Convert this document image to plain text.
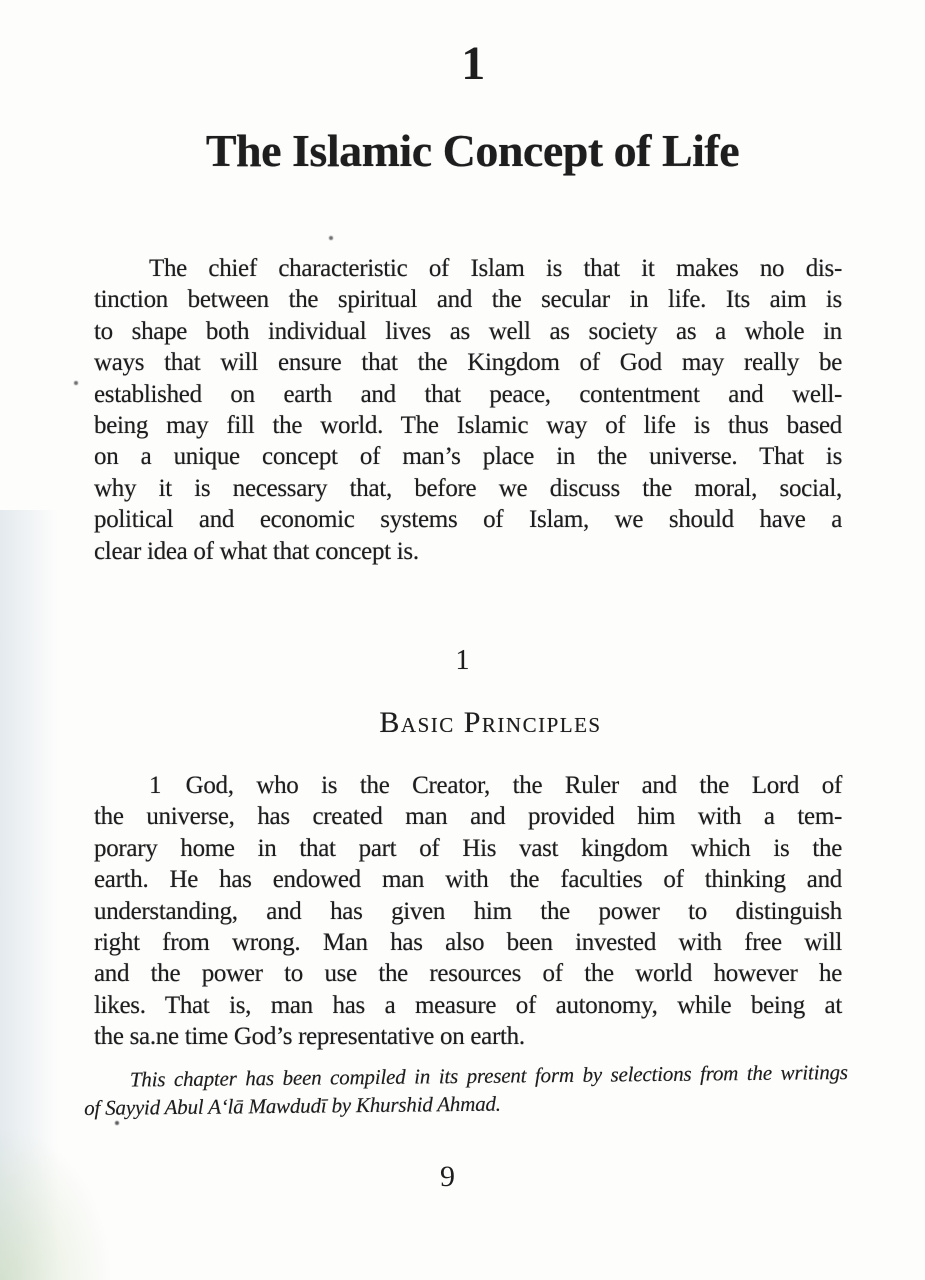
1
The Islamic Concept of Life
The chief characteristic of Islam is that it makes no dis-
tinction between the spiritual and the secular in life. Its aim is
to shape both individual lives as well as society as a whole in
ways that will ensure that the Kingdom of God may really be
established on earth and that peace, contentment and well-
being may fill the world. The Islamic way of life is thus based
on a unique concept of man’s place in the universe. That is
why it is necessary that, before we discuss the moral, social,
political and economic systems of Islam, we should have a
clear idea of what that concept is.
1
Basic Principles
1  God, who is the Creator, the Ruler and the Lord of
the universe, has created man and provided him with a tem-
porary home in that part of His vast kingdom which is the
earth. He has endowed man with the faculties of thinking and
understanding, and has given him the power to distinguish
right from wrong. Man has also been invested with free will
and the power to use the resources of the world however he
likes. That is, man has a measure of autonomy, while being at
the sa.ne time God’s representative on earth.
This chapter has been compiled in its present form by selections from the writings
of Sayyid Abul A‘lā Mawdudī by Khurshid Ahmad.
9
